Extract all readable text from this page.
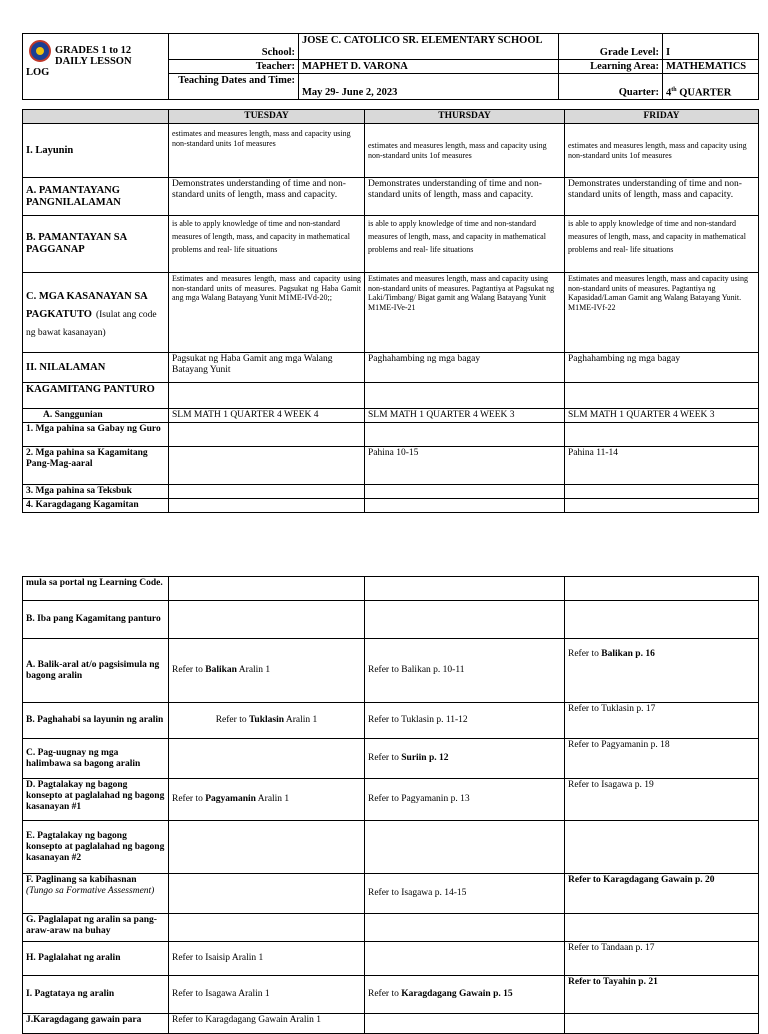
GRADES 1 to 12
DAILY LESSON
LOG	School:	JOSE C. CATOLICO SR. ELEMENTARY SCHOOL	Grade Level:	I
	Teacher:	MAPHET D. VARONA	Learning Area:	MATHEMATICS
	Teaching Dates and Time:	May 29- June 2, 2023	Quarter:	4th QUARTER
	TUESDAY	THURSDAY	FRIDAY
I. Layunin	estimates and measures length, mass and capacity using non-standard units 1of measures	estimates and measures length, mass and capacity using non-standard units 1of measures	estimates and measures length, mass and capacity using non-standard units 1of measures
A. PAMANTAYANG PANGNILALAMAN	Demonstrates understanding of time and non- standard units of length, mass and capacity.	Demonstrates understanding of time and non- standard units of length, mass and capacity.	Demonstrates understanding of time and non- standard units of length, mass and capacity.
B. PAMANTAYAN SA PAGGANAP	is able to apply knowledge of time and non-standard measures of length, mass, and capacity in mathematical problems and real- life situations	is able to apply knowledge of time and non-standard measures of length, mass, and capacity in mathematical problems and real- life situations	is able to apply knowledge of time and non-standard measures of length, mass, and capacity in mathematical problems and real- life situations
C. MGA KASANAYAN SA PAGKATUTO (Isulat ang code ng bawat kasanayan)	Estimates and measures length, mass and capacity using non-standard units of measures. Pagsukat ng Haba Gamit ang mga Walang Batayang Yunit M1ME-IVd-20;;	Estimates and measures length, mass and capacity using non-standard units of measures. Pagtantiya at Pagsukat ng Laki/Timbang/ Bigat gamit ang Walang Batayang Yunit M1ME-IVe-21	Estimates and measures length, mass and capacity using non-standard units of measures. Pagtantiya ng Kapasidad/Laman Gamit ang Walang Batayang Yunit. M1ME-IVf-22
II. NILALAMAN	Pagsukat ng Haba Gamit ang mga Walang Batayang Yunit	Paghahambing ng mga bagay	Paghahambing ng mga bagay
KAGAMITANG PANTURO			
A. Sanggunian	SLM MATH 1 QUARTER 4 WEEK 4	SLM MATH 1 QUARTER 4 WEEK 3	SLM MATH 1 QUARTER 4 WEEK 3
1. Mga pahina sa Gabay ng Guro			
2. Mga pahina sa Kagamitang Pang-Mag-aaral		Pahina 10-15	Pahina 11-14
3. Mga pahina sa Teksbuk			
4. Karagdagang Kagamitan			
mula sa portal ng Learning Code.			
B. Iba pang Kagamitang panturo			
A. Balik-aral at/o pagsisimula ng bagong aralin	Refer to Balikan Aralin 1	Refer to Balikan p. 10-11	Refer to Balikan p. 16
B. Paghahabi sa layunin ng aralin	Refer to Tuklasin Aralin 1	Refer to Tuklasin p. 11-12	Refer to Tuklasin p. 17
C. Pag-uugnay ng mga halimbawa sa bagong aralin		Refer to Suriin p. 12	Refer to Pagyamanin p. 18
D. Pagtalakay ng bagong konsepto at paglalahad ng bagong kasanayan #1	Refer to Pagyamanin Aralin 1	Refer to Pagyamanin p. 13	Refer to Isagawa p. 19
E. Pagtalakay ng bagong konsepto at paglalahad ng bagong kasanayan #2			

F. Paglinang sa kabihasnan
(Tungo sa Formative Assessment)		Refer to Isagawa p. 14-15	Refer to Karagdagang Gawain p. 20
G. Paglalapat ng aralin sa pang-araw-araw na buhay			
H. Paglalahat ng aralin	Refer to Isaisip Aralin 1		Refer to Tandaan p. 17
I. Pagtataya ng aralin	Refer to Isagawa Aralin 1	Refer to Karagdagang Gawain p. 15	Refer to Tayahin p. 21
J.Karagdagang gawain para	Refer to Karagdagang Gawain Aralin 1		
